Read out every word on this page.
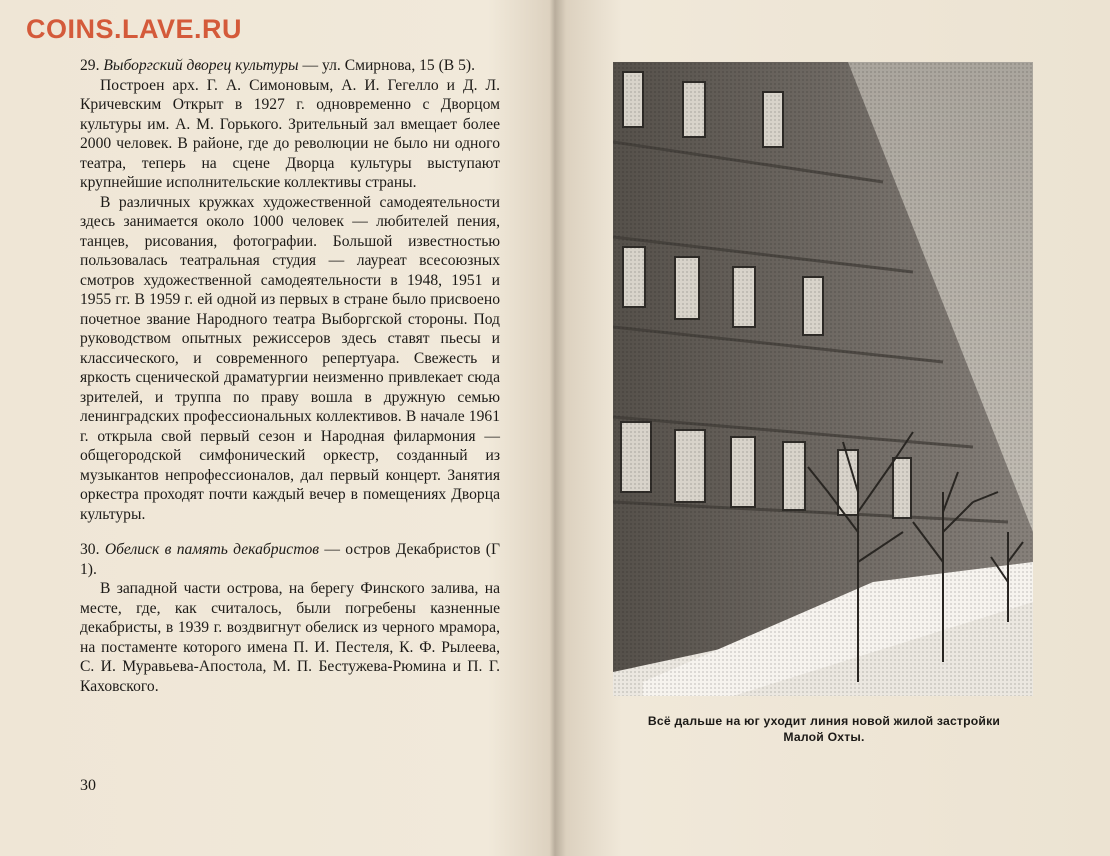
COINS.LAVE.RU

29. Выборгский дворец культуры — ул. Смирнова, 15 (В 5).

Построен арх. Г. А. Симоновым, А. И. Гегелло и Д. Л. Кричевским Открыт в 1927 г. одновременно с Дворцом культуры им. А. М. Горького. Зрительный зал вмещает более 2000 человек. В районе, где до революции не было ни одного театра, теперь на сцене Дворца культуры выступают крупнейшие исполнительские коллективы страны.

В различных кружках художественной самодеятельности здесь занимается около 1000 человек — любителей пения, танцев, рисования, фотографии. Большой известностью пользовалась театральная студия — лауреат всесоюзных смотров художественной самодеятельности в 1948, 1951 и 1955 гг. В 1959 г. ей одной из первых в стране было присвоено почетное звание Народного театра Выборгской стороны. Под руководством опытных режиссеров здесь ставят пьесы и классического, и современного репертуара. Свежесть и яркость сценической драматургии неизменно привлекает сюда зрителей, и труппа по праву вошла в дружную семью ленинградских профессиональных коллективов. В начале 1961 г. открыла свой первый сезон и Народная филармония — общегородской симфонический оркестр, созданный из музыкантов непрофессионалов, дал первый концерт. Занятия оркестра проходят почти каждый вечер в помещениях Дворца культуры.

30. Обелиск в память декабристов — остров Декабристов (Г 1).

В западной части острова, на берегу Финского залива, на месте, где, как считалось, были погребены казненные декабристы, в 1939 г. воздвигнут обелиск из черного мрамора, на постаменте которого имена П. И. Пестеля, К. Ф. Рылеева, С. И. Муравьева-Апостола, М. П. Бестужева-Рюмина и П. Г. Каховского.

30
Всё дальше на юг уходит линия новой жилой застройки
Малой Охты.
